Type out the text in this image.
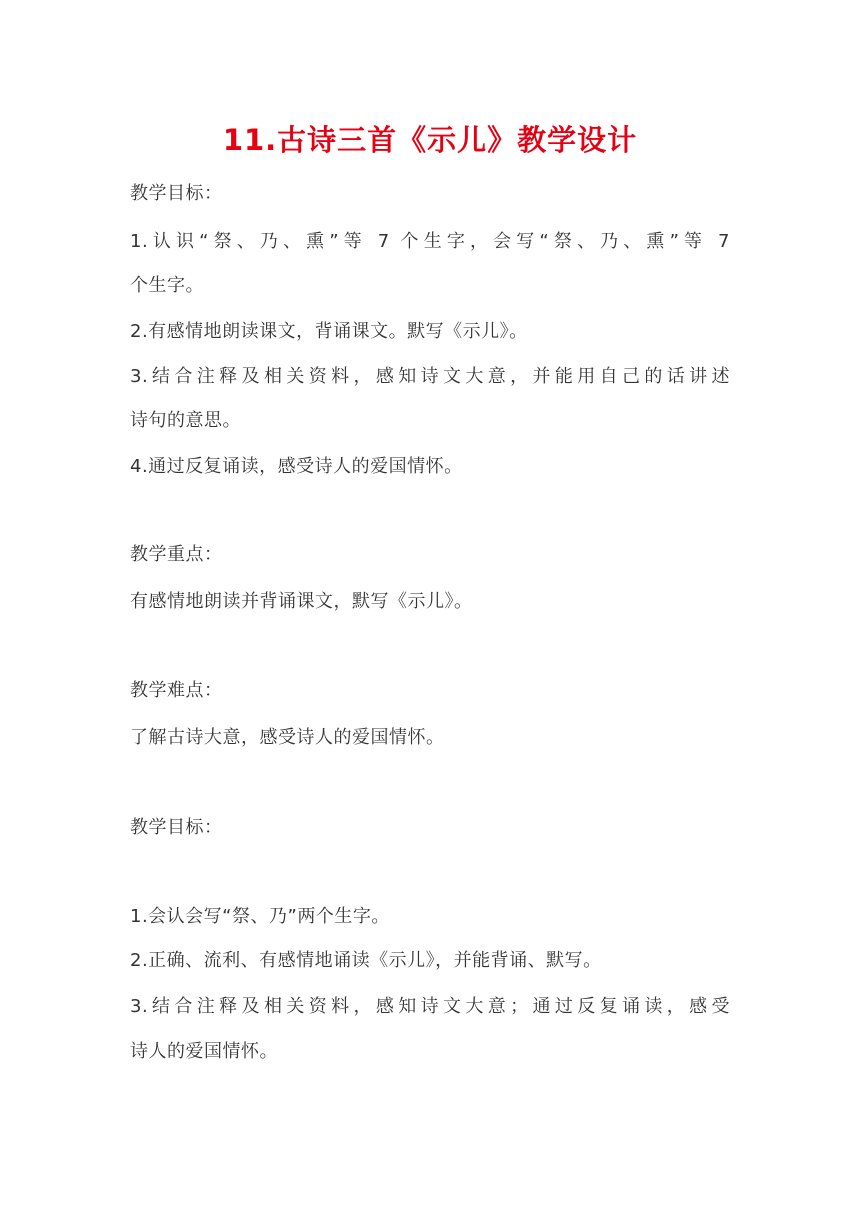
11.古诗三首《示儿》教学设计
教学目标：
1.认识“祭、乃、熏”等 7 个生字，会写“祭、乃、熏”等 7
个生字。
2.有感情地朗读课文，背诵课文。默写《示儿》。
3.结合注释及相关资料，感知诗文大意，并能用自己的话讲述
诗句的意思。
4.通过反复诵读，感受诗人的爱国情怀。
教学重点：
有感情地朗读并背诵课文，默写《示儿》。
教学难点：
了解古诗大意，感受诗人的爱国情怀。
教学目标：
1.会认会写“祭、乃”两个生字。
2.正确、流利、有感情地诵读《示儿》，并能背诵、默写。
3.结合注释及相关资料，感知诗文大意；通过反复诵读，感受
诗人的爱国情怀。
